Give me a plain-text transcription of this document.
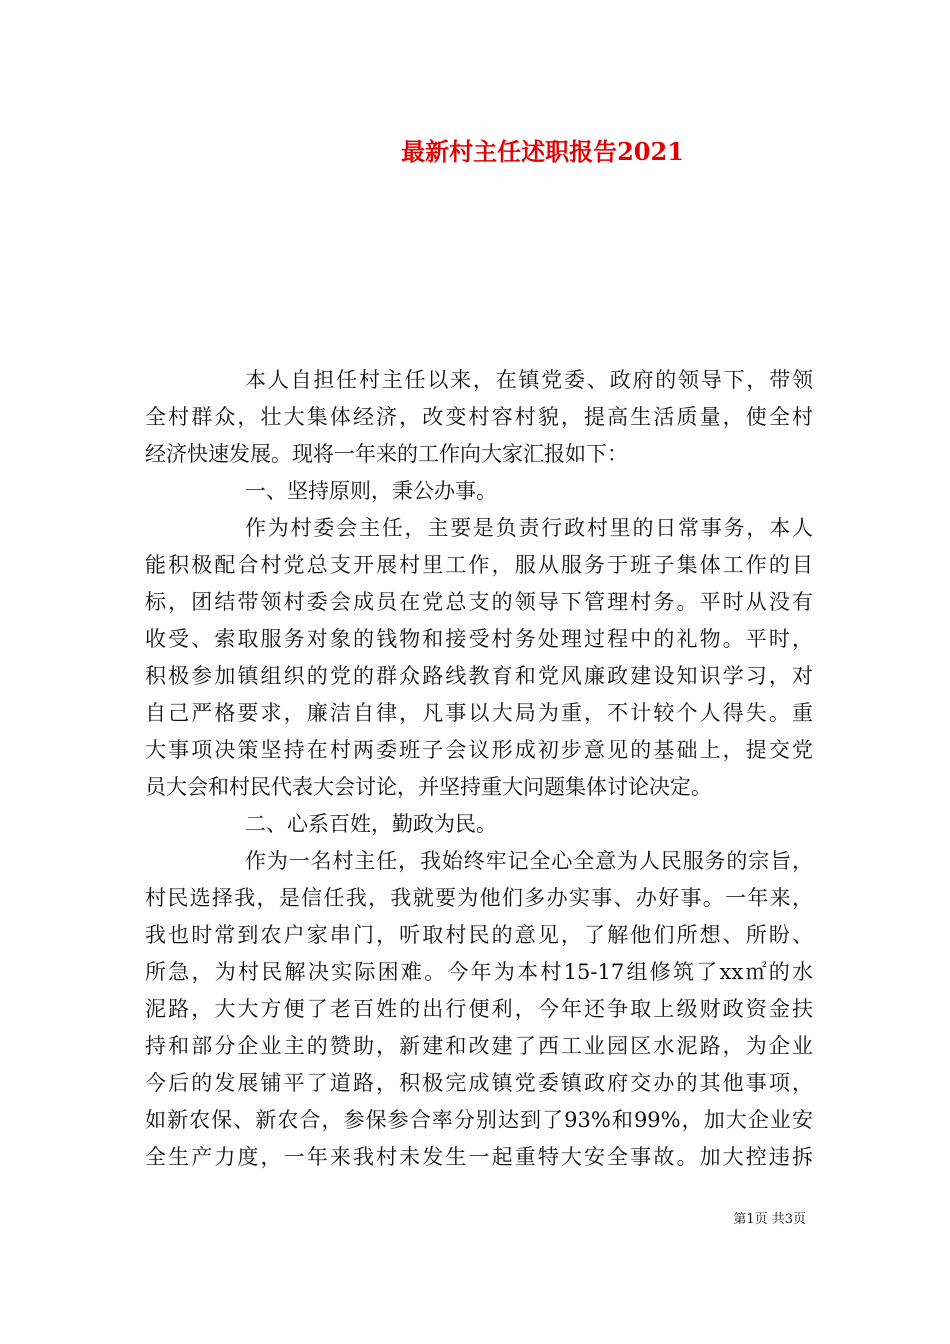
最新村主任述职报告2021
本人自担任村主任以来，在镇党委、政府的领导下，带领
全村群众，壮大集体经济，改变村容村貌，提高生活质量，使全村
经济快速发展。现将一年来的工作向大家汇报如下：
一、坚持原则，秉公办事。
作为村委会主任，主要是负责行政村里的日常事务，本人
能积极配合村党总支开展村里工作，服从服务于班子集体工作的目
标，团结带领村委会成员在党总支的领导下管理村务。平时从没有
收受、索取服务对象的钱物和接受村务处理过程中的礼物。平时，
积极参加镇组织的党的群众路线教育和党风廉政建设知识学习，对
自己严格要求，廉洁自律，凡事以大局为重，不计较个人得失。重
大事项决策坚持在村两委班子会议形成初步意见的基础上，提交党
员大会和村民代表大会讨论，并坚持重大问题集体讨论决定。
二、心系百姓，勤政为民。
作为一名村主任，我始终牢记全心全意为人民服务的宗旨，
村民选择我，是信任我，我就要为他们多办实事、办好事。一年来，
我也时常到农户家串门，听取村民的意见，了解他们所想、所盼、
所急，为村民解决实际困难。今年为本村15-17组修筑了xx㎡的水
泥路，大大方便了老百姓的出行便利，今年还争取上级财政资金扶
持和部分企业主的赞助，新建和改建了西工业园区水泥路，为企业
今后的发展铺平了道路，积极完成镇党委镇政府交办的其他事项，
如新农保、新农合，参保参合率分别达到了93%和99%，加大企业安
全生产力度，一年来我村未发生一起重特大安全事故。加大控违拆
第1页 共3页
